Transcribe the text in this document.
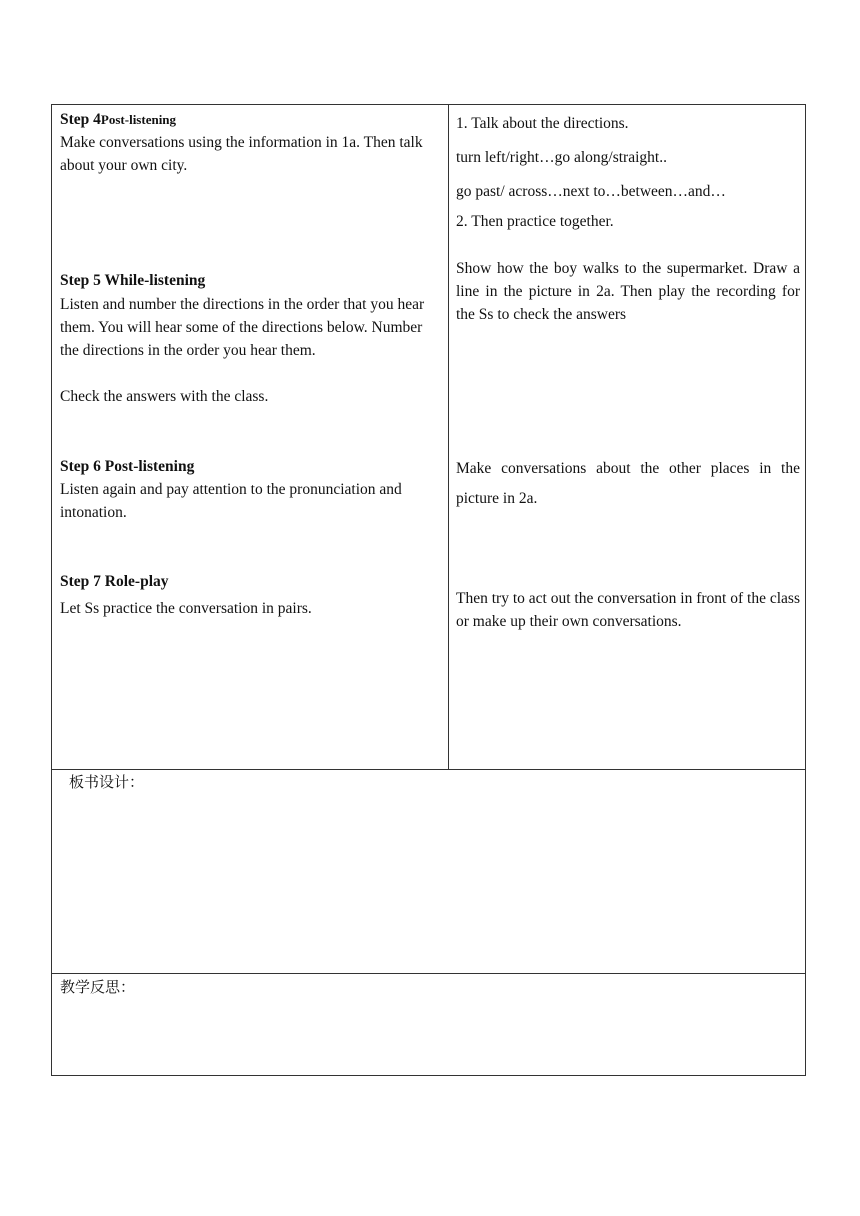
Step 4Post-listening

Make conversations using the information in 1a. Then talk about your own city.

Step 5 While-listening

Listen and number the directions in the order that you hear them. You will hear some of the directions below. Number the directions in the order you hear them.

Check the answers with the class.

Step 6 Post-listening

Listen again and pay attention to the pronunciation and intonation.

Step 7 Role-play

Let Ss practice the conversation in pairs.

1. Talk about the directions.

turn left/right…go along/straight..

go past/ across…next to…between…and…

2. Then practice together.

Show how the boy walks to the supermarket. Draw a line in the picture in 2a. Then play the recording for the Ss to check the answers

Make conversations about the other places in the picture in 2a.

Then try to act out the conversation in front of the class or make up their own conversations.

板书设计：

教学反思：
